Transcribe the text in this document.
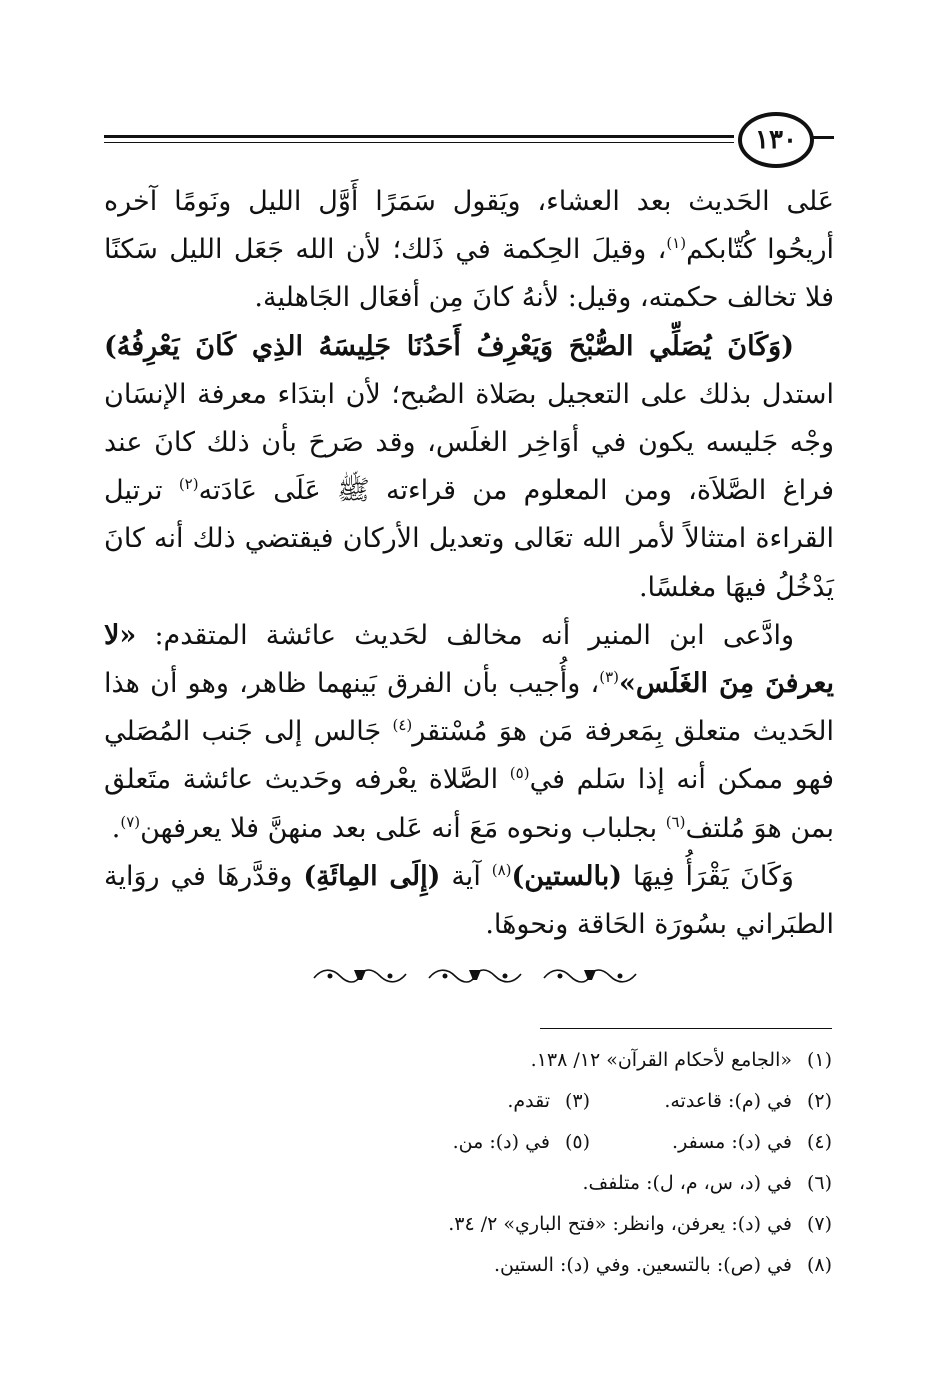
١٣٠

عَلى الحَديث بعد العشاء، ويَقول سَمَرًا أَوَّل الليل ونَومًا آخره أريحُوا كُتّابكم$^{(١)}$، وقيلَ الحِكمة في ذَلك؛ لأن الله جَعَل الليل سَكنًا فلا تخالف حكمته، وقيل: لأنهُ كانَ مِن أفعَال الجَاهلية.

(وَكَانَ يُصَلِّي الصُّبْحَ وَيَعْرِفُ أَحَدُنَا جَلِيسَهُ الذِي كَانَ يَعْرِفُهُ) استدل بذلك على التعجيل بصَلاة الصُبح؛ لأن ابتدَاء معرفة الإنسَان وجْه جَليسه يكون في أوَاخِر الغلَس، وقد صَرحَ بأن ذلك كانَ عند فراغ الصَّلاَة، ومن المعلوم من قراءته ﷺ عَلَى عَادَته$^{(٢)}$ ترتيل القراءة امتثالاً لأمر الله تعَالى وتعديل الأركان فيقتضي ذلك أنه كانَ يَدْخُلُ فيهَا مغلسًا.

وادَّعى ابن المنير أنه مخالف لحَديث عائشة المتقدم: «لا يعرفنَ مِنَ الغَلَس»$^{(٣)}$، وأُجيب بأن الفرق بَينهما ظاهر، وهو أن هذا الحَديث متعلق بِمَعرفة مَن هوَ مُسْتقر$^{(٤)}$ جَالس إلى جَنب المُصَلي فهو ممكن أنه إذا سَلم في$^{(٥)}$ الصَّلاة يعْرفه وحَديث عائشة متَعلق بمن هوَ مُلتف$^{(٦)}$ بجلباب ونحوه مَعَ أنه عَلى بعد منهنَّ فلا يعرفهن$^{(٧)}$.

وَكَانَ يَقْرَأُ فِيهَا (بالستين)$^{(٨)}$ آية (إِلَى المِائَةِ) وقدَّرهَا في روَاية الطبَراني بسُورَة الحَاقة ونحوهَا.

(١)
«الجامع لأحكام القرآن» ١٢/ ١٣٨.
(٢)
في (م): قاعدته.
(٣)
تقدم.
(٤)
في (د): مسفر.
(٥)
في (د): من.
(٦)
في (د، س، م، ل): متلفف.
(٧)
في (د): يعرفن، وانظر: «فتح الباري» ٢/ ٣٤.
(٨)
في (ص): بالتسعين. وفي (د): الستين.
